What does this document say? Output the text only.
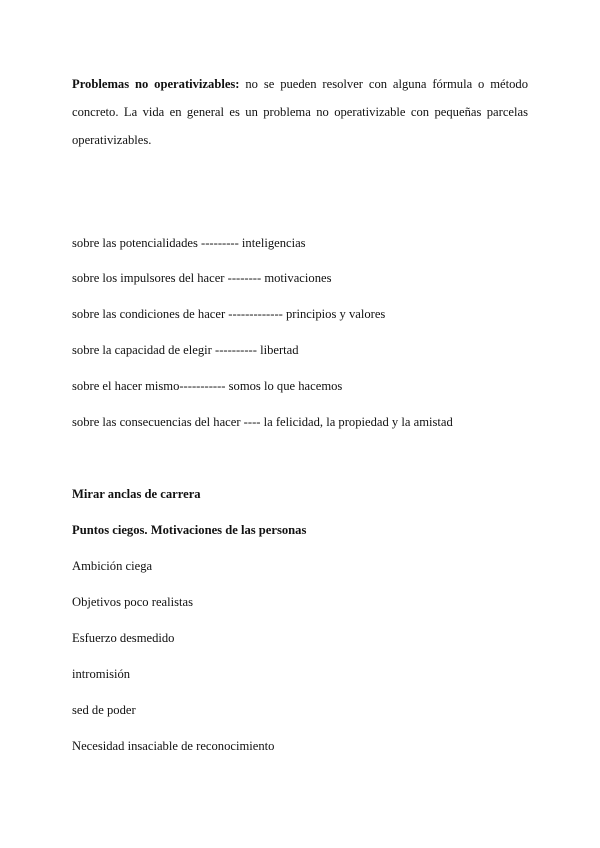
Problemas no operativizables: no se pueden resolver con alguna fórmula o método concreto. La vida en general es un problema no operativizable con pequeñas parcelas operativizables.

sobre las potencialidades --------- inteligencias
sobre los impulsores del hacer -------- motivaciones
sobre las condiciones de hacer ------------- principios y valores
sobre la capacidad de elegir ---------- libertad
sobre el hacer mismo----------- somos lo que hacemos
sobre las consecuencias del hacer ---- la felicidad, la propiedad y la amistad
Mirar anclas de carrera
Puntos ciegos. Motivaciones de las personas
Ambición ciega
Objetivos poco realistas
Esfuerzo desmedido
intromisión
sed de poder
Necesidad insaciable de reconocimiento
